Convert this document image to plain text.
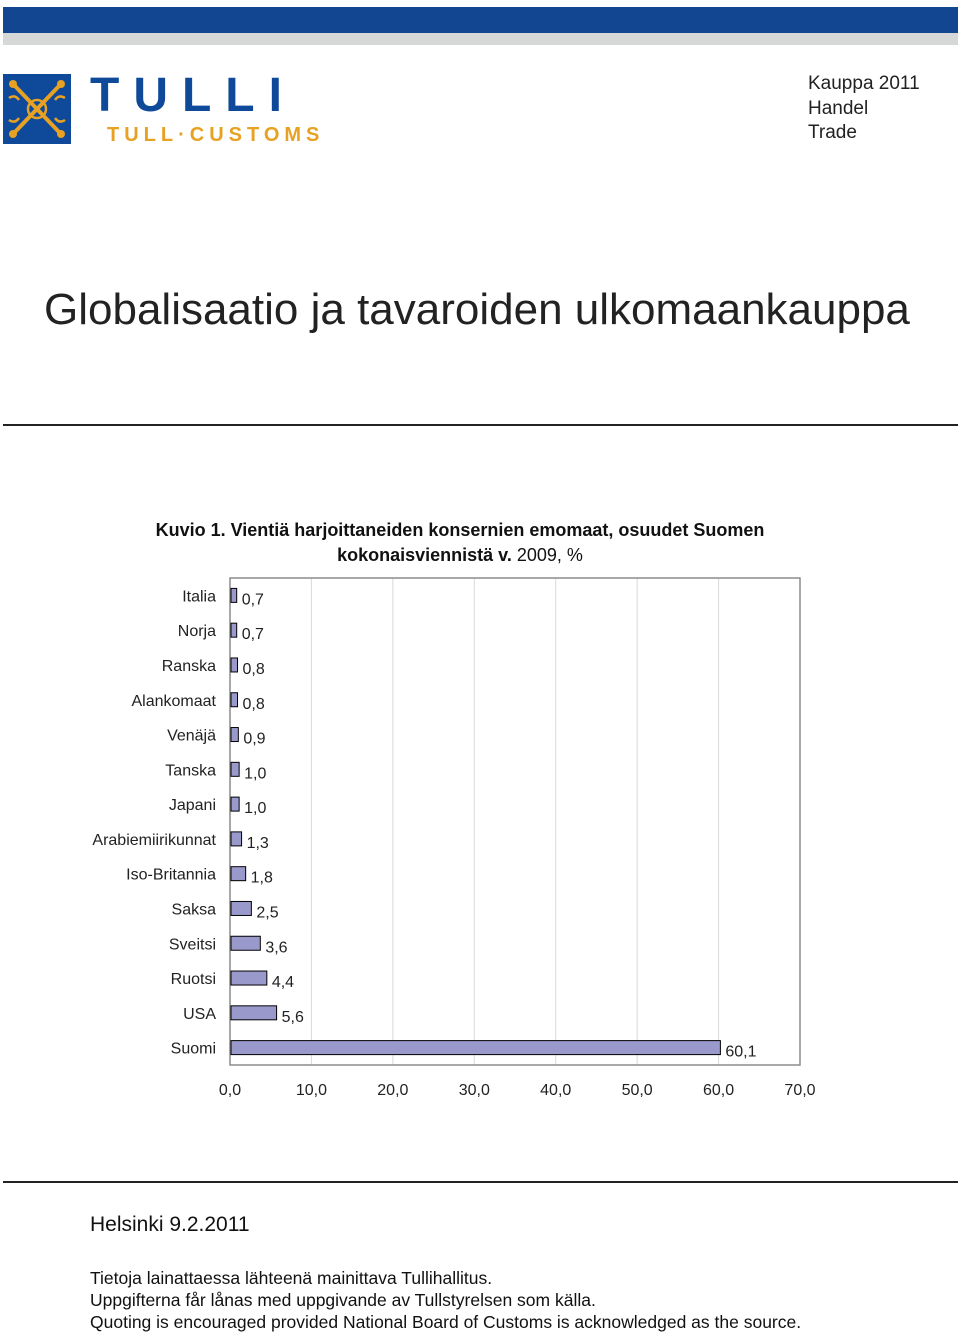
TULLI
TULL·CUSTOMS
Kauppa 2011
Handel
Trade
Globalisaatio ja tavaroiden ulkomaankauppa
Kuvio 1. Vientiä harjoittaneiden konsernien emomaat, osuudet Suomen
kokonaisviennistä v. 2009, %
Italia 0,7
Norja 0,7
Ranska 0,8
Alankomaat 0,8
Venäjä 0,9
Tanska 1,0
Japani 1,0
Arabiemiirikunnat 1,3
Iso-Britannia 1,8
Saksa	2,5
Sveitsi	3,6
Ruotsi	4,4
USA	5,6
Suomi	60,1
0,0	10,0	20,0	30,0	40,0	50,0	60,0	70,0
Helsinki 9.2.2011
Tietoja lainattaessa lähteenä mainittava Tullihallitus.
Uppgifterna får lånas med uppgivande av Tullstyrelsen som källa.
Quoting is encouraged provided National Board of Customs is acknowledged as the source.
